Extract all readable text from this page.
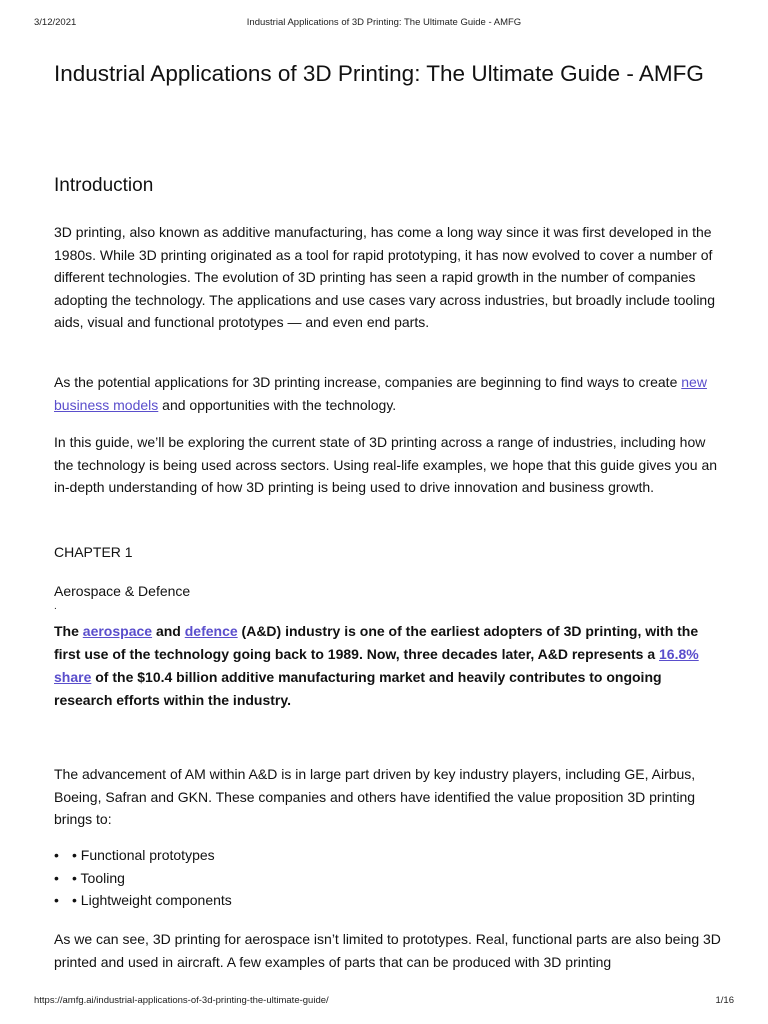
3/12/2021	Industrial Applications of 3D Printing: The Ultimate Guide - AMFG
Industrial Applications of 3D Printing: The Ultimate Guide - AMFG
Introduction

3D printing, also known as additive manufacturing, has come a long way since it was first developed in the 1980s. While 3D printing originated as a tool for rapid prototyping, it has now evolved to cover a number of different technologies. The evolution of 3D printing has seen a rapid growth in the number of companies adopting the technology. The applications and use cases vary across industries, but broadly include tooling aids, visual and functional prototypes — and even end parts.

As the potential applications for 3D printing increase, companies are beginning to find ways to create new business models and opportunities with the technology.

In this guide, we’ll be exploring the current state of 3D printing across a range of industries, including how the technology is being used across sectors. Using real-life examples, we hope that this guide gives you an in-depth understanding of how 3D printing is being used to drive innovation and business growth.

CHAPTER 1
Aerospace & Defence
.

The aerospace and defence (A&D) industry is one of the earliest adopters of 3D printing, with the first use of the technology going back to 1989. Now, three decades later, A&D represents a 16.8% share of the $10.4 billion additive manufacturing market and heavily contributes to ongoing research efforts within the industry.

The advancement of AM within A&D is in large part driven by key industry players, including GE, Airbus, Boeing, Safran and GKN. These companies and others have identified the value proposition 3D printing brings to:

• • Functional prototypes
• • Tooling
• • Lightweight components

As we can see, 3D printing for aerospace isn’t limited to prototypes. Real, functional parts are also being 3D printed and used in aircraft. A few examples of parts that can be produced with 3D printing

https://amfg.ai/industrial-applications-of-3d-printing-the-ultimate-guide/	1/16
